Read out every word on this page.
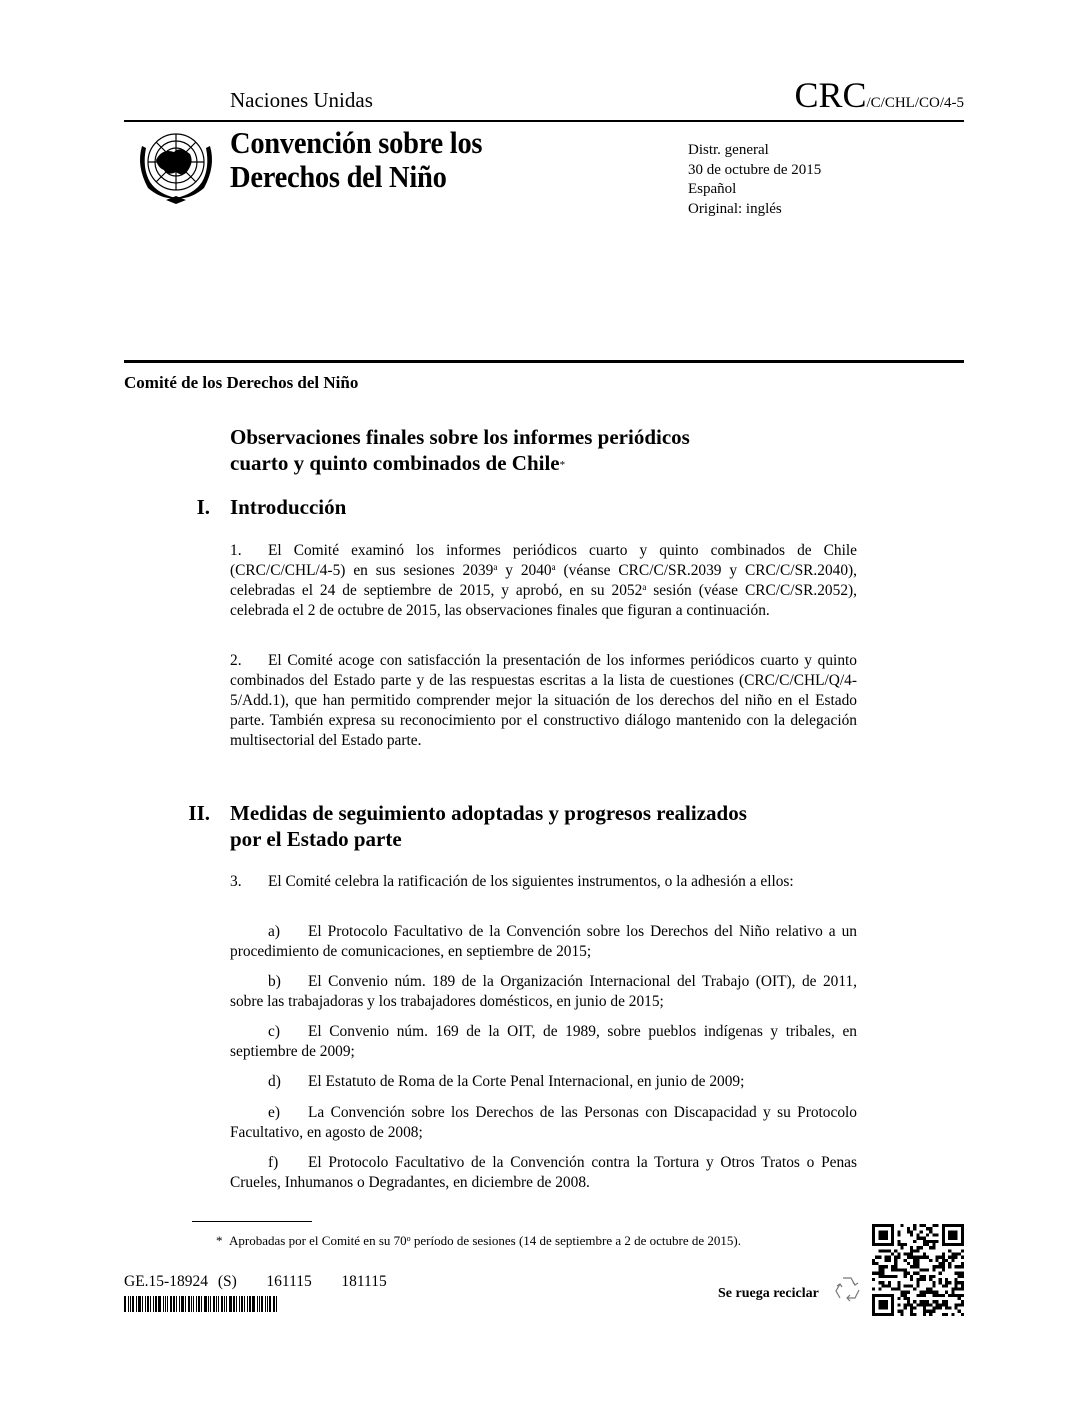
Naciones Unidas	CRC/C/CHL/CO/4-5
Convención sobre los
Derechos del Niño
Distr. general
30 de octubre de 2015
Español
Original: inglés
Comité de los Derechos del Niño
Observaciones finales sobre los informes periódicos
cuarto y quinto combinados de Chile*
I. Introducción
1. El Comité examinó los informes periódicos cuarto y quinto combinados de Chile (CRC/C/CHL/4-5) en sus sesiones 2039$^a$ y 2040$^a$ (véanse CRC/C/SR.2039 y CRC/C/SR.2040), celebradas el 24 de septiembre de 2015, y aprobó, en su 2052$^a$ sesión (véase CRC/C/SR.2052), celebrada el 2 de octubre de 2015, las observaciones finales que figuran a continuación.
2. El Comité acoge con satisfacción la presentación de los informes periódicos cuarto y quinto combinados del Estado parte y de las respuestas escritas a la lista de cuestiones (CRC/C/CHL/Q/4-5/Add.1), que han permitido comprender mejor la situación de los derechos del niño en el Estado parte. También expresa su reconocimiento por el constructivo diálogo mantenido con la delegación multisectorial del Estado parte.
II. Medidas de seguimiento adoptadas y progresos realizados
por el Estado parte
3. El Comité celebra la ratificación de los siguientes instrumentos, o la adhesión a ellos:
a) El Protocolo Facultativo de la Convención sobre los Derechos del Niño relativo a un procedimiento de comunicaciones, en septiembre de 2015;
b) El Convenio núm. 189 de la Organización Internacional del Trabajo (OIT), de 2011, sobre las trabajadoras y los trabajadores domésticos, en junio de 2015;
c) El Convenio núm. 169 de la OIT, de 1989, sobre pueblos indígenas y tribales, en septiembre de 2009;
d) El Estatuto de Roma de la Corte Penal Internacional, en junio de 2009;
e) La Convención sobre los Derechos de las Personas con Discapacidad y su Protocolo Facultativo, en agosto de 2008;
f) El Protocolo Facultativo de la Convención contra la Tortura y Otros Tratos o Penas Crueles, Inhumanos o Degradantes, en diciembre de 2008.
* Aprobadas por el Comité en su 70$^o$ período de sesiones (14 de septiembre a 2 de octubre de 2015).
GE.15-18924 (S)   161115   181115
Se ruega reciclar
